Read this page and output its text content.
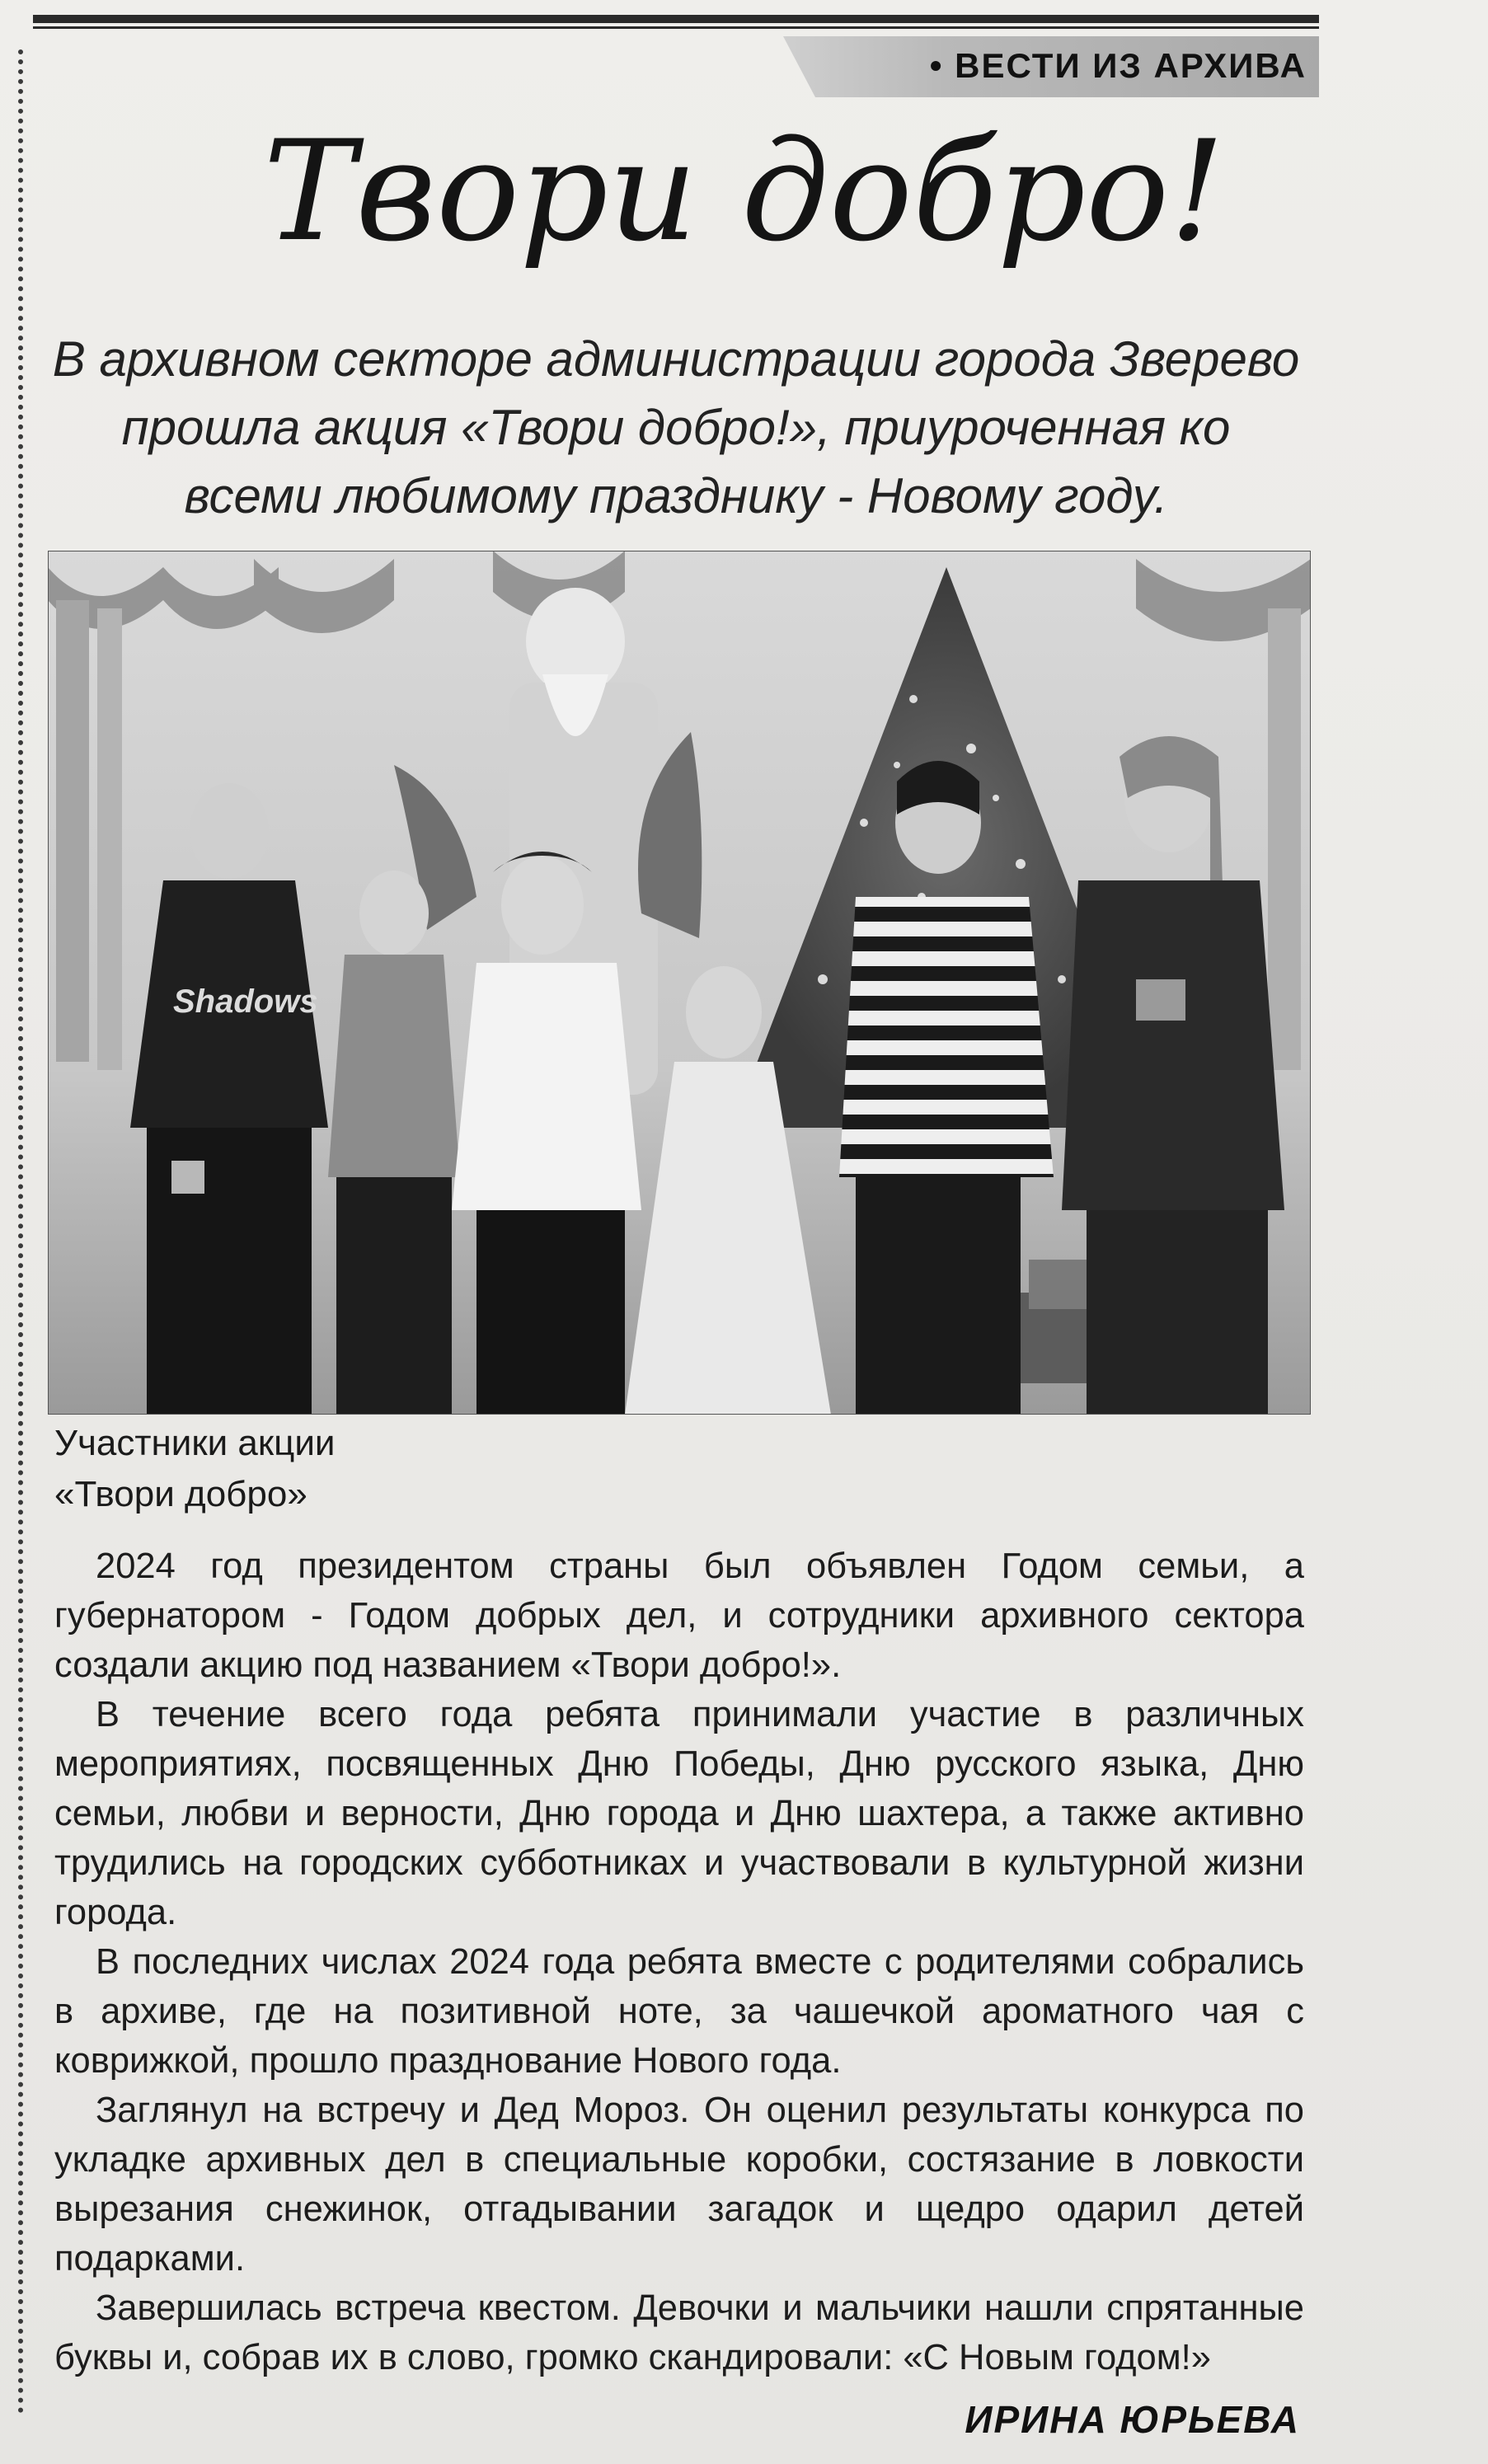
• ВЕСТИ ИЗ АРХИВА
Твори добро!
В архивном секторе администрации города Зверево прошла акция «Твори добро!», приуроченная ко всеми любимому празднику - Новому году.
Shadows
Участники акции
«Твори добро»

2024 год президентом страны был объявлен Годом семьи, а губернатором - Годом добрых дел, и сотрудники архивного сектора создали акцию под названием «Твори добро!».

В течение всего года ребята принимали участие в различных мероприятиях, посвященных Дню Победы, Дню русского языка, Дню семьи, любви и верности, Дню города и Дню шахтера, а также активно трудились на городских субботниках и участвовали в культурной жизни города.

В последних числах 2024 года ребята вместе с родителями собрались в архиве, где на позитивной ноте, за чашечкой ароматного чая с коврижкой, прошло празднование Нового года.

Заглянул на встречу и Дед Мороз. Он оценил результаты конкурса по укладке архивных дел в специальные коробки, состязание в ловкости вырезания снежинок, отгадывании загадок и щедро одарил детей подарками.

Завершилась встреча квестом. Девочки и мальчики нашли спрятанные буквы и, собрав их в слово, громко скандировали: «С Новым годом!»

ИРИНА ЮРЬЕВА
